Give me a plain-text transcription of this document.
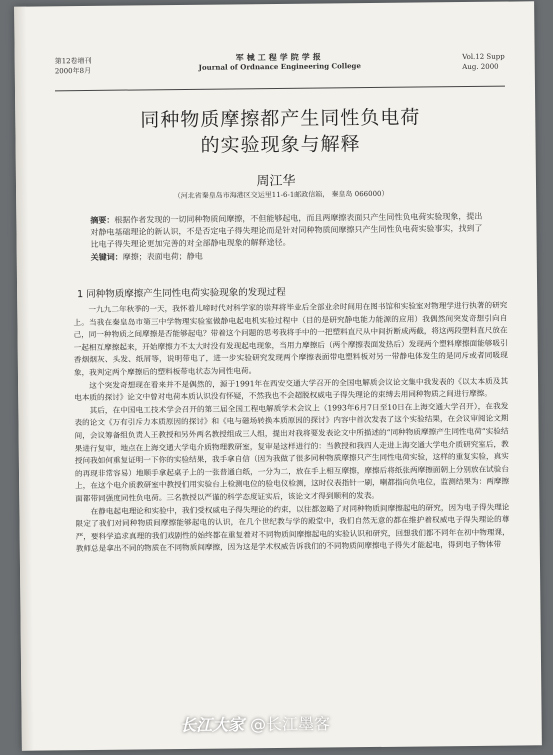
第12卷增刊
2000年8月
军械工程学院学报
Journal of Ordnance Engineering College
Vol.12 Supp
Aug. 2000
同种物质摩擦都产生同性负电荷
的实验现象与解释
周江华
（河北省秦皇岛市海港区交运里11-6-1邮政信箱， 秦皇岛 066000）
摘要：根据作者发现的一切同种物质间摩擦，不但能够起电，而且两摩擦表面只产生同性负电荷实验现象，提出对静电基础理论的新认识，不是否定电子得失理论而是针对同种物质间摩擦只产生同性负电荷实验事实，找到了比电子得失理论更加完善的对全部静电现象的解释途径。
关键词：摩擦；表面电荷；静电
1 同种物质摩擦产生同性电荷实验现象的发现过程

一九九二年秋季的一天，我怀着儿啼时代对科学家的崇拜将毕业后全部业余时间用在图书馆和实验室对物理学进行执著的研究上。当我在秦皇岛市第三中学物理实验室做静电起电机实验过程中（目的是研究静电能力能源的应用）我偶然间突发奇想引向自己，同一种物质之间摩擦是否能够起电？带着这个问题的思考我将手中的一把塑料直尺从中间折断成两截，将这两段塑料直尺放在一起相互摩擦起来，开始摩擦力不太大时没有发现起电现象，当用力摩擦后（两个摩擦表面发热后）发现两个塑料摩擦面能够吸引香烟烟灰、头发、纸屑等，说明带电了，进一步实验研究发现两个摩擦表面带电塑料板对另一带静电体发生的是同斥或者同吸现象，我判定两个摩擦后的塑料板带电状态为同性电荷。

这个突发奇想现在看来并不是偶然的，源于1991年在西安交通大学召开的全国电解质会议论文集中我发表的《以太本质及其电本质的探讨》论文中曾对电荷本质认识没有怀疑，不然我也不会超脱权威电子得失理论的束缚去用同种物质之间进行摩擦。

其后，在中国电工技术学会召开的第三届全国工程电解质学术会议上（1993年6月7日至10日在上海交通大学召开），在我发表的论文《万有引斥力本质原因的探讨》和《电与磁场转换本质原因的探讨》内容中首次发表了这个实验结果，在会议审阅论文期间，会议筹备组负责人王教授和另外两名教授组成三人组，提出对我将要发表论文中所描述的“同种物质摩擦产生同性电荷”实验结果进行复审，地点在上海交通大学电介质物理教研室，复审是这样进行的：当教授和我四人走进上海交通大学电介质研究室后，教授问我如何重复证明一下你的实验结果，我手拿自信（因为我做了很多同种物质摩擦只产生同性电荷实验，这样的重复实验，真实的再现非常容易）地顺手拿起桌子上的一张普通白纸，一分为二，放在手上相互摩擦，摩擦后将纸张两摩擦面朝上分别放在试验台上，在这个电介质教研室中教授们用实验台上检测电位的验电仪检测，这时仪表指针一刷，喇都指向负电位，监测结果为：两摩擦面都带同强度同性负电荷。三名教授以严谨的科学态度证实后，该论文才得到顺利的发表。

在静电起电理论和实验中，我们受权威电子得失理论的约束，以往都忽略了对同种物质间摩擦起电的研究，因为电子得失理论限定了我们对同种物质间摩擦能够起电的认识，在几个世纪教与学的殿堂中，我们自然无意的都在维护着权威电子得失理论的尊严，要科学追求真理的我们戏剧性的始终都在重复着对不同物质间摩擦起电的实验认识和研究，回想我们都不同年在初中物理课，教师总是拿出不同的物质在不同物质间摩擦，因为这是学术权威告诉我们的不同物质间摩擦电子得失才能起电，得到电子物体带

长江大家 @长江墨客
